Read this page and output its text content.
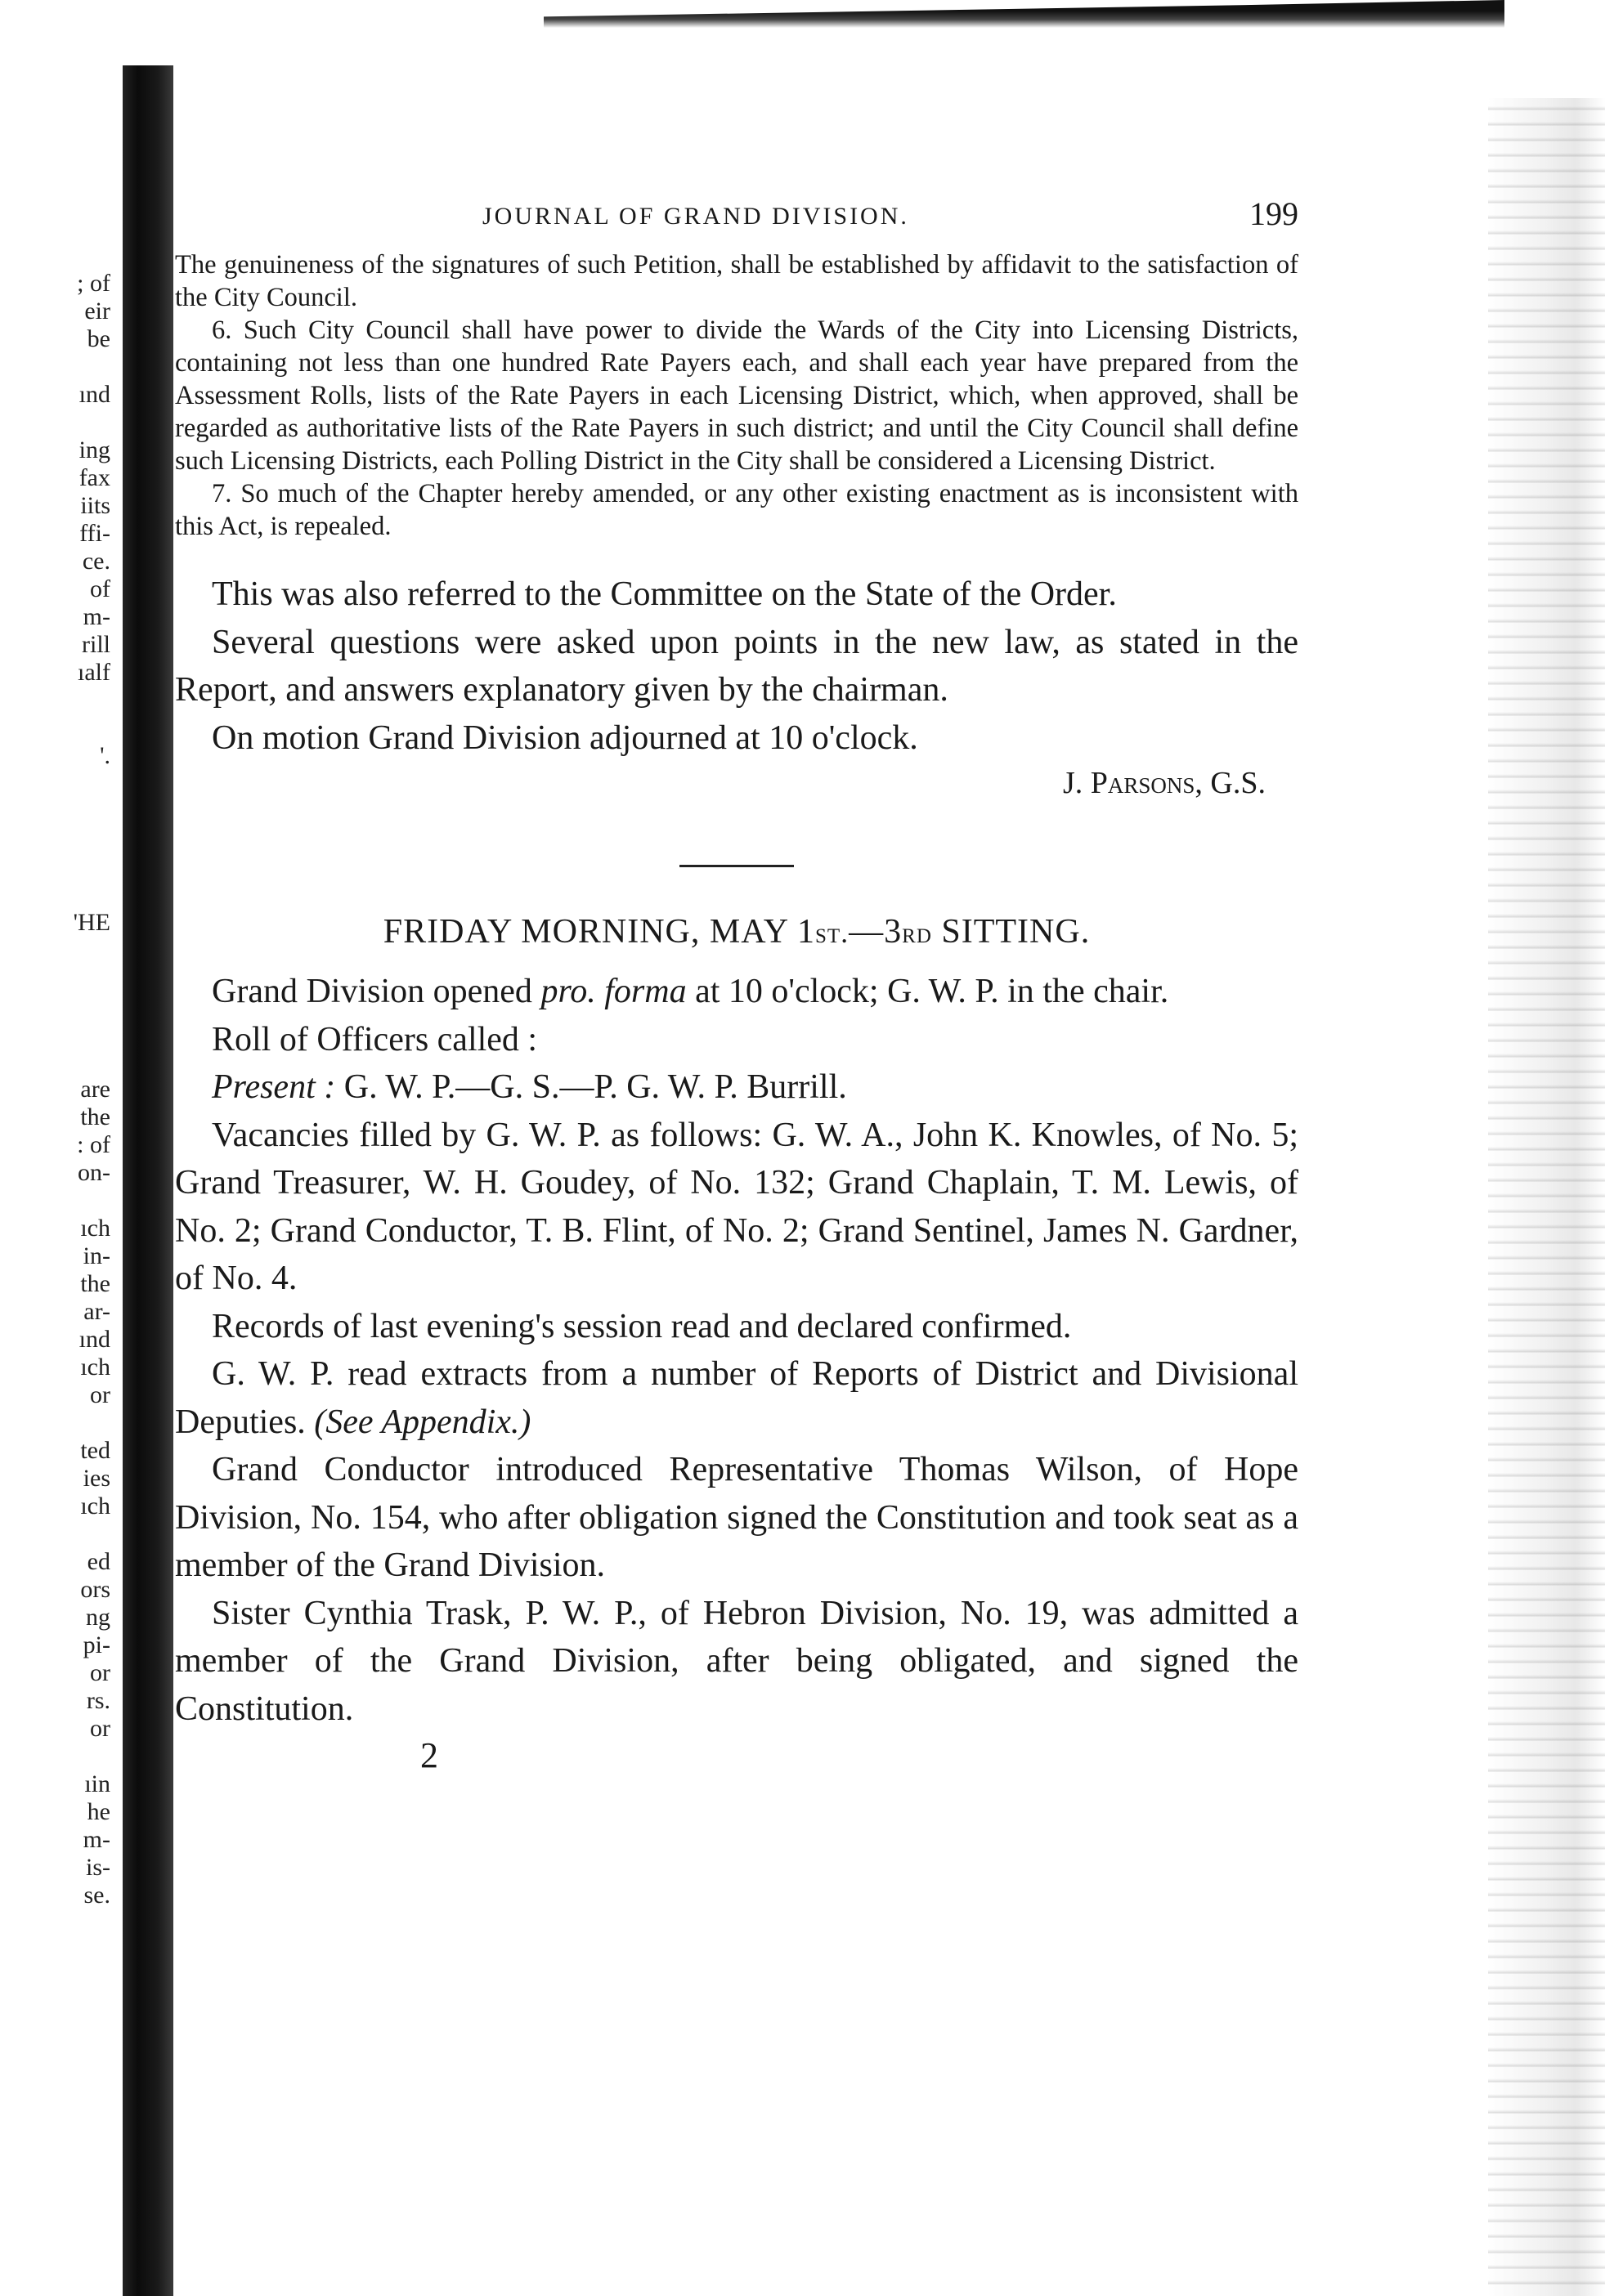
; of
eir
be
ınd
ing
fax
iits
ffi-
ce.
of
m-
rill
ıalf
'.
'HE
are
the
: of
on-
ıch
in-
the
ar-
ınd
ıch
or
ted
ies
ıch
ed
ors
ng
pi-
or
rs.
or
ıin
he
m-
is-
se.
JOURNAL OF GRAND DIVISION.	199

The genuineness of the signatures of such Petition, shall be established by affidavit to the satisfaction of the City Council.

6. Such City Council shall have power to divide the Wards of the City into Licensing Districts, containing not less than one hundred Rate Payers each, and shall each year have prepared from the Assessment Rolls, lists of the Rate Payers in each Licensing District, which, when approved, shall be regarded as authoritative lists of the Rate Payers in such district; and until the City Council shall define such Licensing Districts, each Polling District in the City shall be considered a Licensing District.

7. So much of the Chapter hereby amended, or any other existing enactment as is inconsistent with this Act, is repealed.

This was also referred to the Committee on the State of the Order.

Several questions were asked upon points in the new law, as stated in the Report, and answers explanatory given by the chairman.

On motion Grand Division adjourned at 10 o'clock.

J. Parsons, G.S.
FRIDAY MORNING, MAY 1st.—3rd SITTING.

Grand Division opened pro. forma at 10 o'clock; G. W. P. in the chair.

Roll of Officers called :

Present : G. W. P.—G. S.—P. G. W. P. Burrill.

Vacancies filled by G. W. P. as follows: G. W. A., John K. Knowles, of No. 5; Grand Treasurer, W. H. Goudey, of No. 132; Grand Chaplain, T. M. Lewis, of No. 2; Grand Conductor, T. B. Flint, of No. 2; Grand Sentinel, James N. Gardner, of No. 4.

Records of last evening's session read and declared confirmed.

G. W. P. read extracts from a number of Reports of District and Divisional Deputies. (See Appendix.)

Grand Conductor introduced Representative Thomas Wilson, of Hope Division, No. 154, who after obligation signed the Constitution and took seat as a member of the Grand Division.

Sister Cynthia Trask, P. W. P., of Hebron Division, No. 19, was admitted a member of the Grand Division, after being obligated, and signed the Constitution.

2
